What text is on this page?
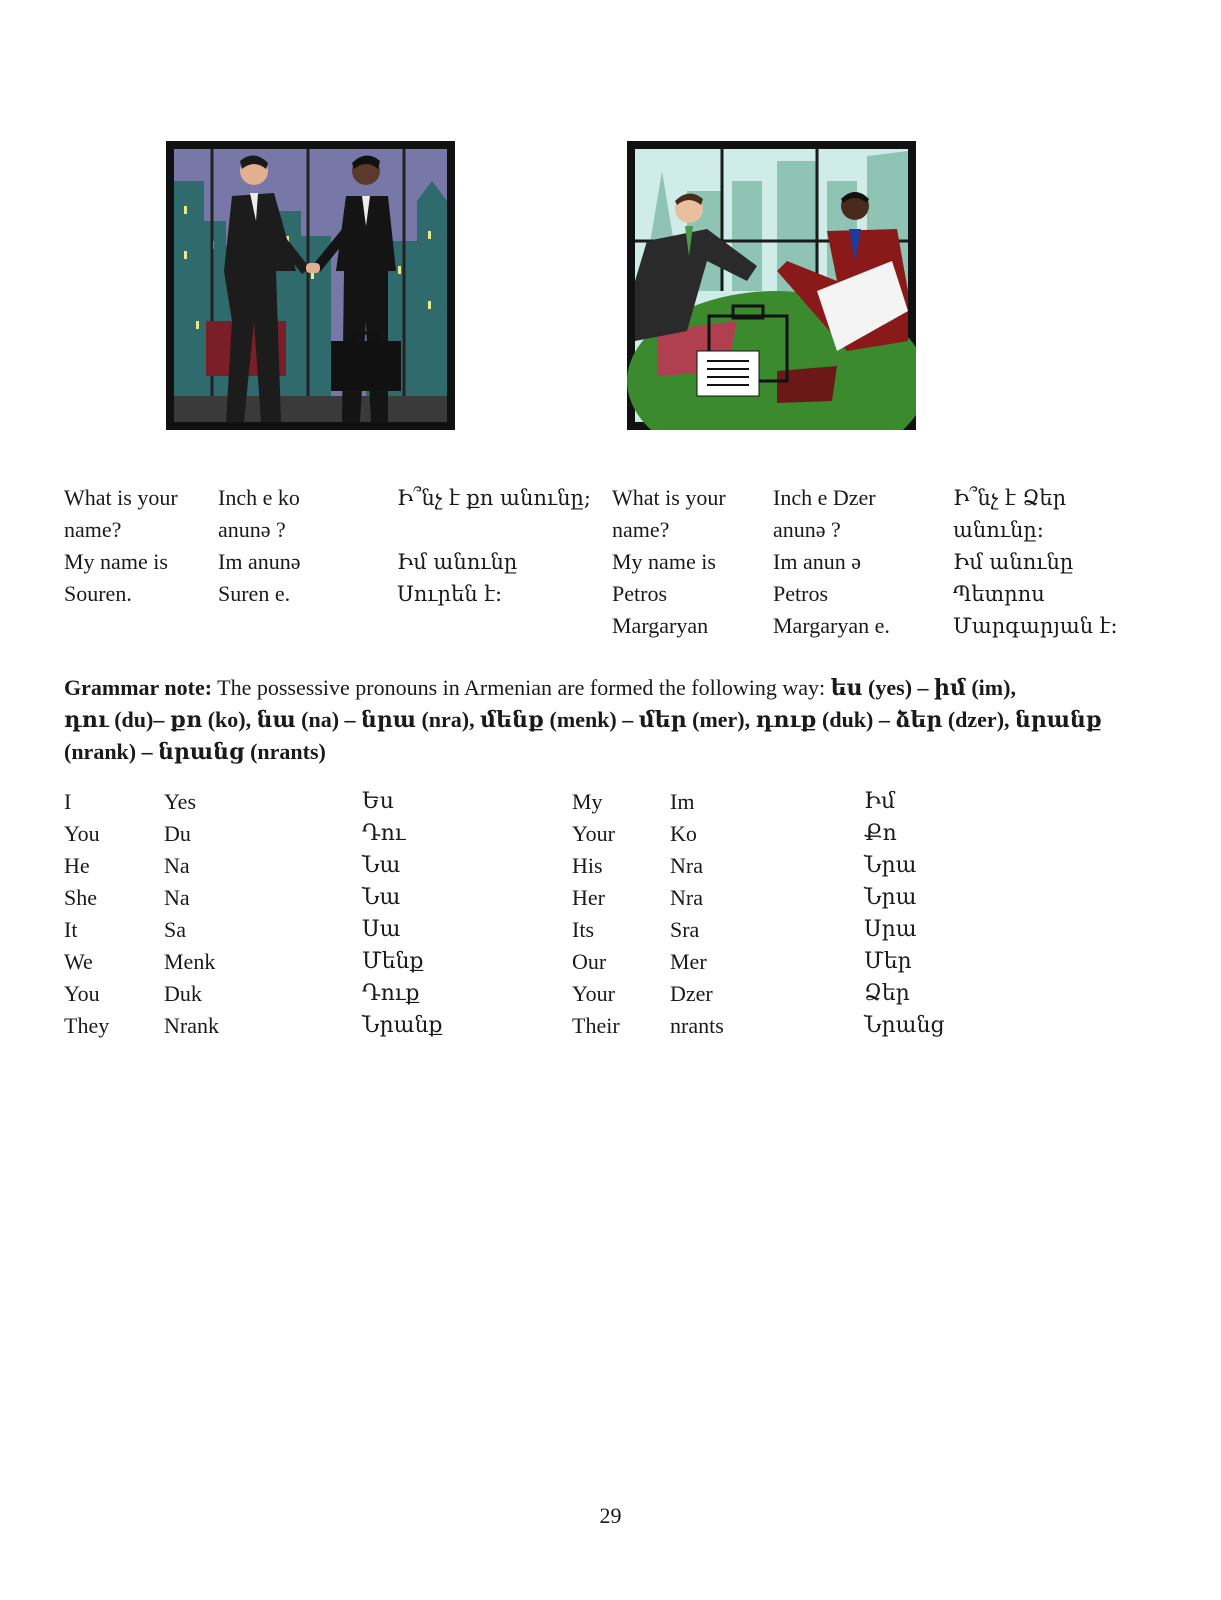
What is your
name?
My name is
Souren.
Inch e ko
anunə ?
Im anunə
Suren e.
Ի՞նչ է քո անունը;

Իմ անունը
Սուրեն է:
What is your
name?
My name is
Petros
Margaryan
Inch e Dzer
anunə ?
Im anun ə
Petros
Margaryan e.
Ի՞նչ է Ձեր
անունը:
Իմ անունը
Պետրոս
Մարգարյան է:
Grammar note: The possessive pronouns in Armenian are formed the following way: ես (yes) – իմ (im),
դու (du)– քո (ko), նա (na) – նրա (nra), մենք (menk) – մեր (mer), դուք (duk) – ձեր (dzer), նրանք
(nrank) – նրանց (nrants)
I
You
He
She
It
We
You
They
Yes
Du
Na
Na
Sa
Menk
Duk
Nrank
Ես
Դու
Նա
Նա
Սա
Մենք
Դուք
Նրանք
My
Your
His
Her
Its
Our
Your
Their
Im
Ko
Nra
Nra
Sra
Mer
Dzer
nrants
Իմ
Քո
Նրա
Նրա
Սրա
Մեր
Ձեր
Նրանց
29
